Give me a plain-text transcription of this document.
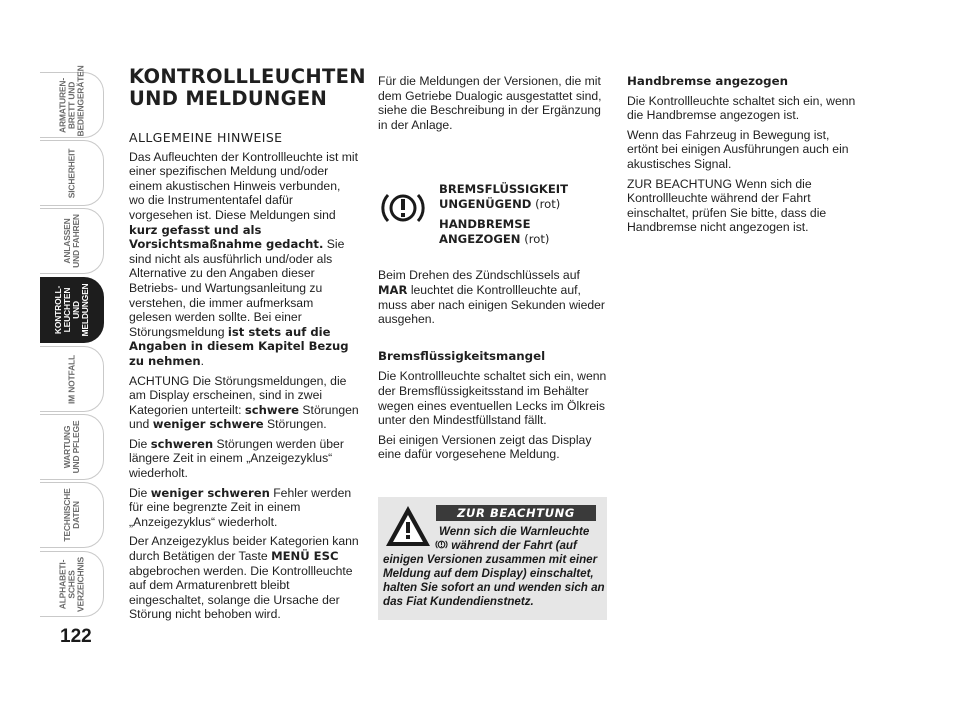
ARMATUREN-
BRETT UND
BEDIENGERÄTEN
SICHERHEIT
ANLASSEN
UND FAHREN
KONTROLL-
LEUCHTEN UND
MELDUNGEN
IM NOTFALL
WARTUNG
UND PFLEGE
TECHNISCHE
DATEN
ALPHABETI-
SCHES
VERZEICHNIS
122
KONTROLLLEUCHTEN
UND MELDUNGEN
ALLGEMEINE HINWEISE

Das Aufleuchten der Kontrollleuchte ist mit einer spezifischen Meldung und/oder einem akustischen Hinweis verbunden, wo die Instrumententafel dafür vorgesehen ist. Diese Meldungen sind kurz gefasst und als Vorsichtsmaßnahme gedacht. Sie sind nicht als ausführlich und/oder als Alternative zu den Angaben dieser Betriebs- und Wartungsanleitung zu verstehen, die immer aufmerksam gelesen werden sollte. Bei einer Störungsmeldung ist stets auf die Angaben in diesem Kapitel Bezug zu nehmen.

ACHTUNG Die Störungsmeldungen, die am Display erscheinen, sind in zwei Kategorien unterteilt: schwere Störungen und weniger schwere Störungen.

Die schweren Störungen werden über längere Zeit in einem „Anzeigezyklus“ wiederholt.

Die weniger schweren Fehler werden für eine begrenzte Zeit in einem „Anzeigezyklus“ wiederholt.

Der Anzeigezyklus beider Kategorien kann durch Betätigen der Taste MENÜ ESC abgebrochen werden. Die Kontrollleuchte auf dem Armaturenbrett bleibt eingeschaltet, solange die Ursache der Störung nicht behoben wird.

Für die Meldungen der Versionen, die mit dem Getriebe Dualogic ausgestattet sind, siehe die Beschreibung in der Ergänzung in der Anlage.

BREMSFLÜSSIGKEIT UNGENÜGEND (rot)
HANDBREMSE ANGEZOGEN (rot)

Beim Drehen des Zündschlüssels auf MAR leuchtet die Kontrollleuchte auf, muss aber nach einigen Sekunden wieder ausgehen.

Bremsflüssigkeitsmangel

Die Kontrollleuchte schaltet sich ein, wenn der Bremsflüssigkeitsstand im Behälter wegen eines eventuellen Lecks im Ölkreis unter den Mindestfüllstand fällt.

Bei einigen Versionen zeigt das Display eine dafür vorgesehene Meldung.

ZUR BEACHTUNG
Wenn sich die Warnleuchte
während der Fahrt (auf
einigen Versionen zusammen mit einer Meldung auf dem Display) einschaltet, halten Sie sofort an und wenden sich an das Fiat Kundendienstnetz.
Handbremse angezogen

Die Kontrollleuchte schaltet sich ein, wenn die Handbremse angezogen ist.

Wenn das Fahrzeug in Bewegung ist, ertönt bei einigen Ausführungen auch ein akustisches Signal.

ZUR BEACHTUNG Wenn sich die Kontrollleuchte während der Fahrt einschaltet, prüfen Sie bitte, dass die Handbremse nicht angezogen ist.
